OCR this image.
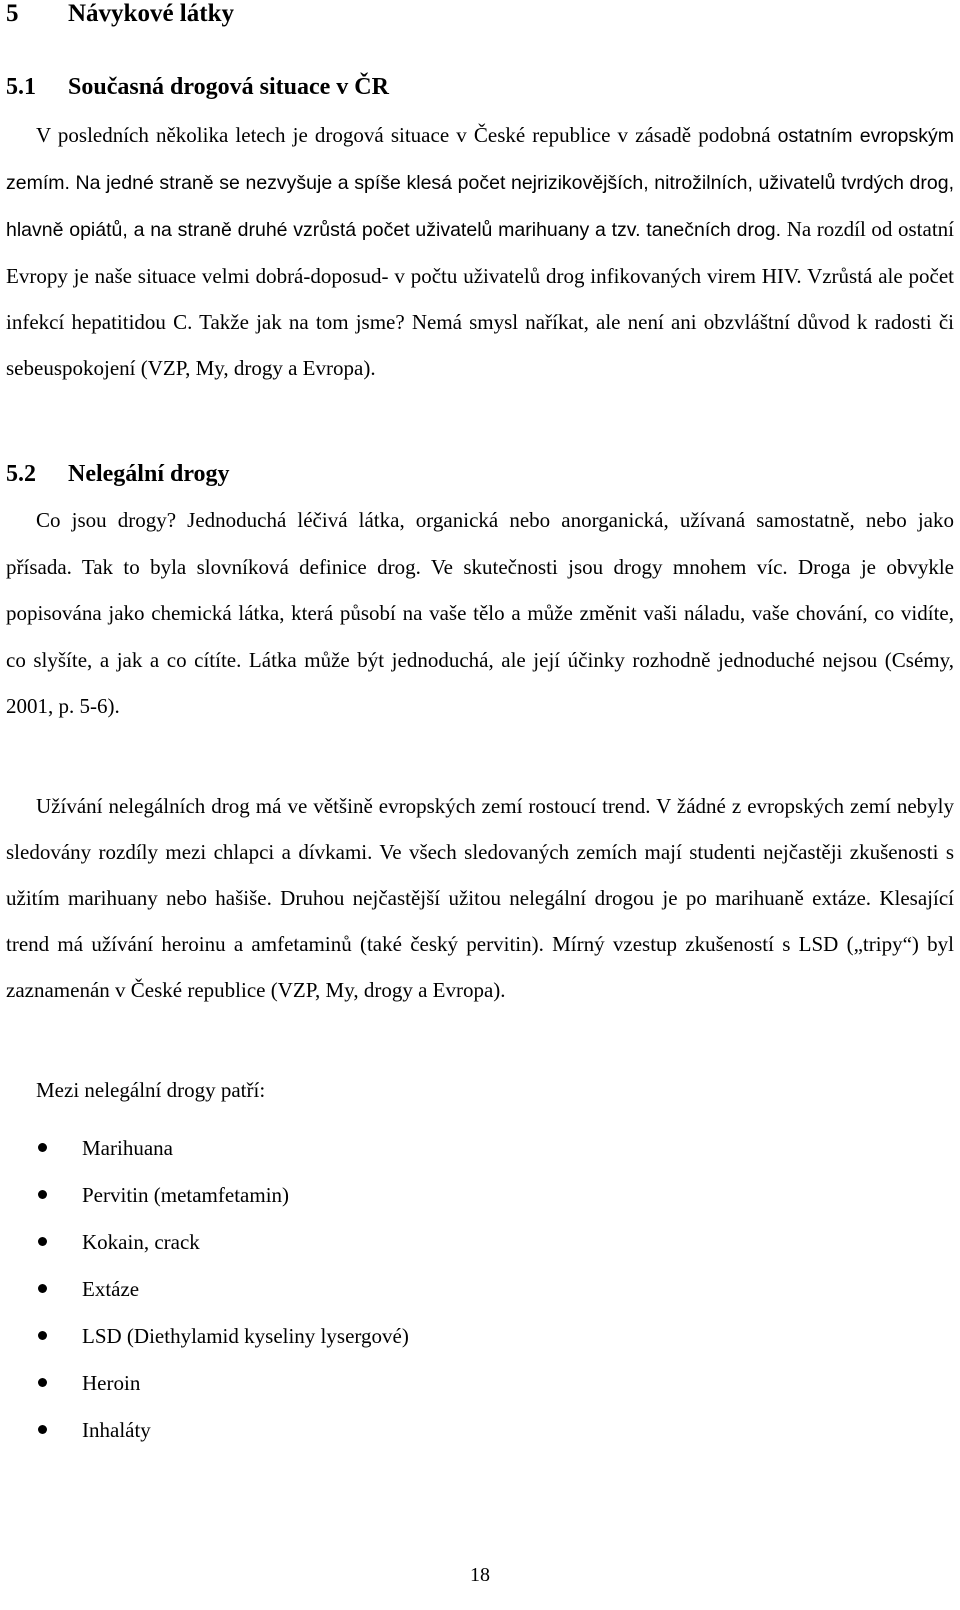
5 Návykové látky
5.1 Současná drogová situace v ČR

V posledních několika letech je drogová situace v České republice v zásadě podobná ostatním evropským zemím. Na jedné straně se nezvyšuje a spíše klesá počet nejrizikovějších, nitrožilních, uživatelů tvrdých drog, hlavně opiátů, a na straně druhé vzrůstá počet uživatelů marihuany a tzv. tanečních drog. Na rozdíl od ostatní Evropy je naše situace velmi dobrá-doposud- v počtu uživatelů drog infikovaných virem HIV. Vzrůstá ale počet infekcí hepatitidou C. Takže jak na tom jsme? Nemá smysl naříkat, ale není ani obzvláštní důvod k radosti či sebeuspokojení (VZP, My, drogy a Evropa).

5.2 Nelegální drogy

Co jsou drogy? Jednoduchá léčivá látka, organická nebo anorganická, užívaná samostatně, nebo jako přísada. Tak to byla slovníková definice drog. Ve skutečnosti jsou drogy mnohem víc. Droga je obvykle popisována jako chemická látka, která působí na vaše tělo a může změnit vaši náladu, vaše chování, co vidíte, co slyšíte, a jak a co cítíte. Látka může být jednoduchá, ale její účinky rozhodně jednoduché nejsou (Csémy, 2001, p. 5-6).

Užívání nelegálních drog má ve většině evropských zemí rostoucí trend. V žádné z evropských zemí nebyly sledovány rozdíly mezi chlapci a dívkami. Ve všech sledovaných zemích mají studenti nejčastěji zkušenosti s užitím marihuany nebo hašiše. Druhou nejčastější užitou nelegální drogou je po marihuaně extáze. Klesající trend má užívání heroinu a amfetaminů (také český pervitin). Mírný vzestup zkušeností s LSD („tripy“) byl zaznamenán v České republice (VZP, My, drogy a Evropa).

Mezi nelegální drogy patří:

Marihuana
Pervitin (metamfetamin)
Kokain, crack
Extáze
LSD (Diethylamid kyseliny lysergové)
Heroin
Inhaláty
18
